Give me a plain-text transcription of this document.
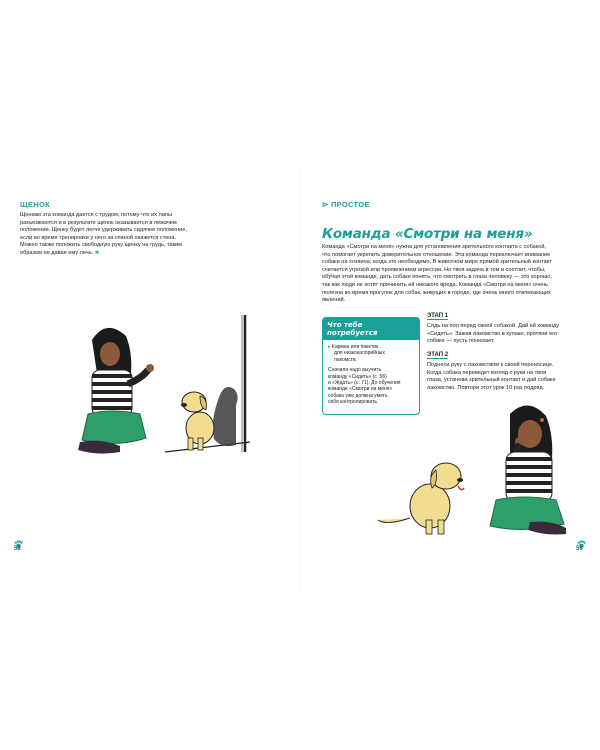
ЩЕНОК
Щенкам эта команда дается с трудом, потому что их лапы
разъезжаются и в результате щенок оказывается в лежачем
положении. Щенку будет легче удерживать сидячее положение,
если во время тренировки у него за спиной окажется стена.
Можно также положить свободную руку щенку на грудь, таким
образом не давая ему лечь. ❀
58
⊳ ПРОСТОЕ
Команда «Смотри на меня»
Команда «Смотри на меня» нужна для установления зрительного контакта с собакой,
что помогает укрепить доверительное отношение. Эта команда переключает внимание
собаки на хозяина, когда это необходимо. В животном мире прямой зрительный контакт
считается угрозой или проявлением агрессии. Но твоя задача в том и состоит, чтобы,
обучая этой команде, дать собаке понять, что смотреть в глаза человеку — это хорошо,
так как люди не хотят причинить ей никакого вреда. Команда «Смотри на меня» очень
полезна во время прогулок для собак, живущих в городе, где очень много отвлекающих
явлений.
Что тебе потребуется
▸ Карман или пакетик
для низкокалорийных
лакомств.
Сначала надо выучить
команду «Сидеть» (с. 56)
и «Ждать» (с. 71). До обучения
команде «Смотри на меня»
собака уже должна уметь
себя контролировать.
ЭТАП 1
Сядь на пол перед своей собакой. Дай ей команду
«Сидеть». Зажав лакомство в кулаке, протяни его
собаке — пусть понюхает.
ЭТАП 2
Поднеси руку с лакомством к своей переносице.
Когда собака переведет взгляд с руки на твои
глаза, установи зрительный контакт и дай собаке
лакомство. Повтори этот урок 10 раз подряд.
59
